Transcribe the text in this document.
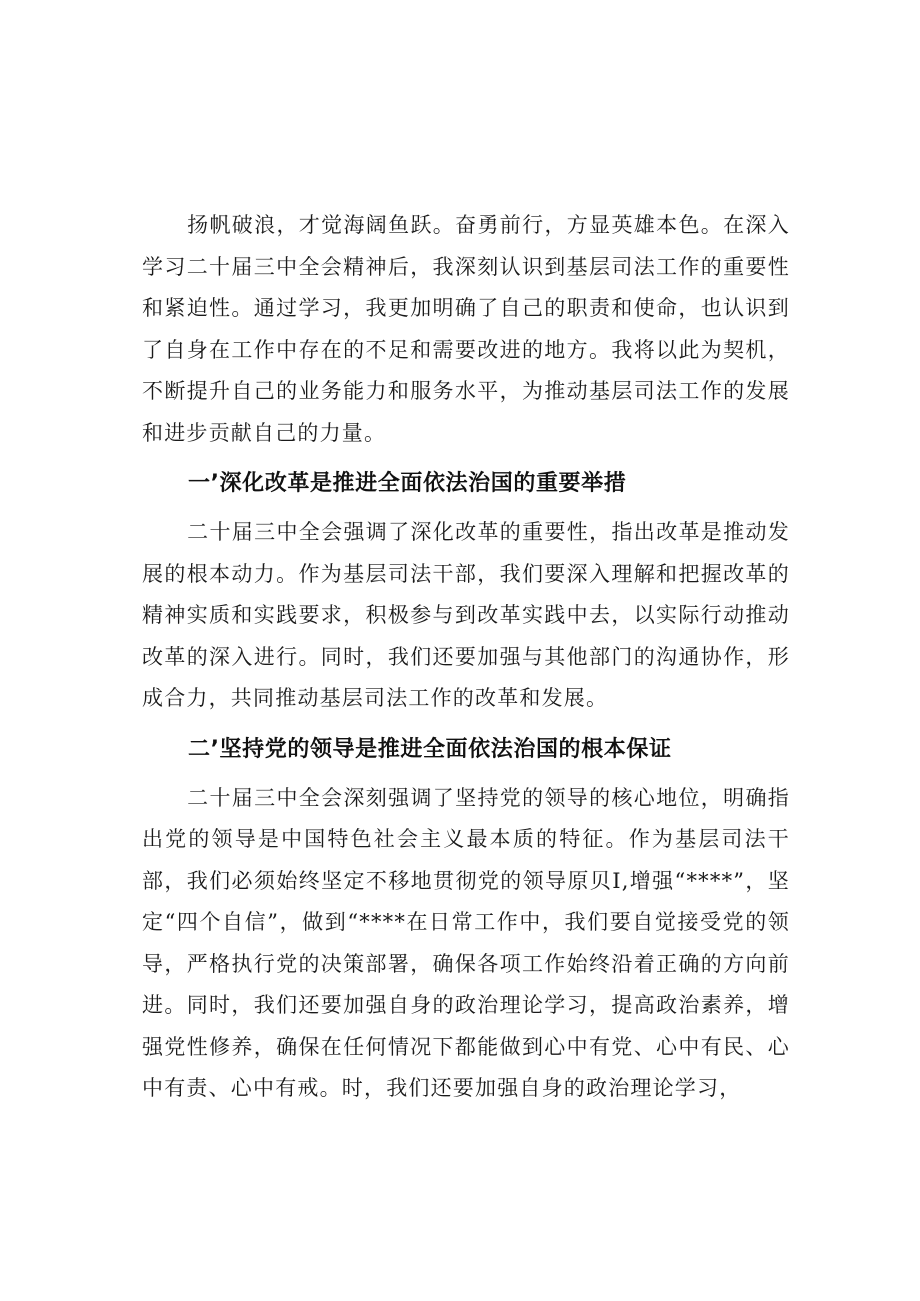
扬帆破浪，才觉海阔鱼跃。奋勇前行，方显英雄本色。在深入学习二十届三中全会精神后，我深刻认识到基层司法工作的重要性和紧迫性。通过学习，我更加明确了自己的职责和使命，也认识到了自身在工作中存在的不足和需要改进的地方。我将以此为契机，不断提升自己的业务能力和服务水平，为推动基层司法工作的发展和进步贡献自己的力量。

一’深化改革是推进全面依法治国的重要举措

二十届三中全会强调了深化改革的重要性，指出改革是推动发展的根本动力。作为基层司法干部，我们要深入理解和把握改革的精神实质和实践要求，积极参与到改革实践中去，以实际行动推动改革的深入进行。同时，我们还要加强与其他部门的沟通协作，形成合力，共同推动基层司法工作的改革和发展。

二’坚持党的领导是推进全面依法治国的根本保证

二十届三中全会深刻强调了坚持党的领导的核心地位，明确指出党的领导是中国特色社会主义最本质的特征。作为基层司法干部，我们必须始终坚定不移地贯彻党的领导原贝I,增强“****”，坚定“四个自信”，做到“****在日常工作中，我们要自觉接受党的领导，严格执行党的决策部署，确保各项工作始终沿着正确的方向前进。同时，我们还要加强自身的政治理论学习，提高政治素养，增强党性修养，确保在任何情况下都能做到心中有党、心中有民、心中有责、心中有戒。时，我们还要加强自身的政治理论学习，
